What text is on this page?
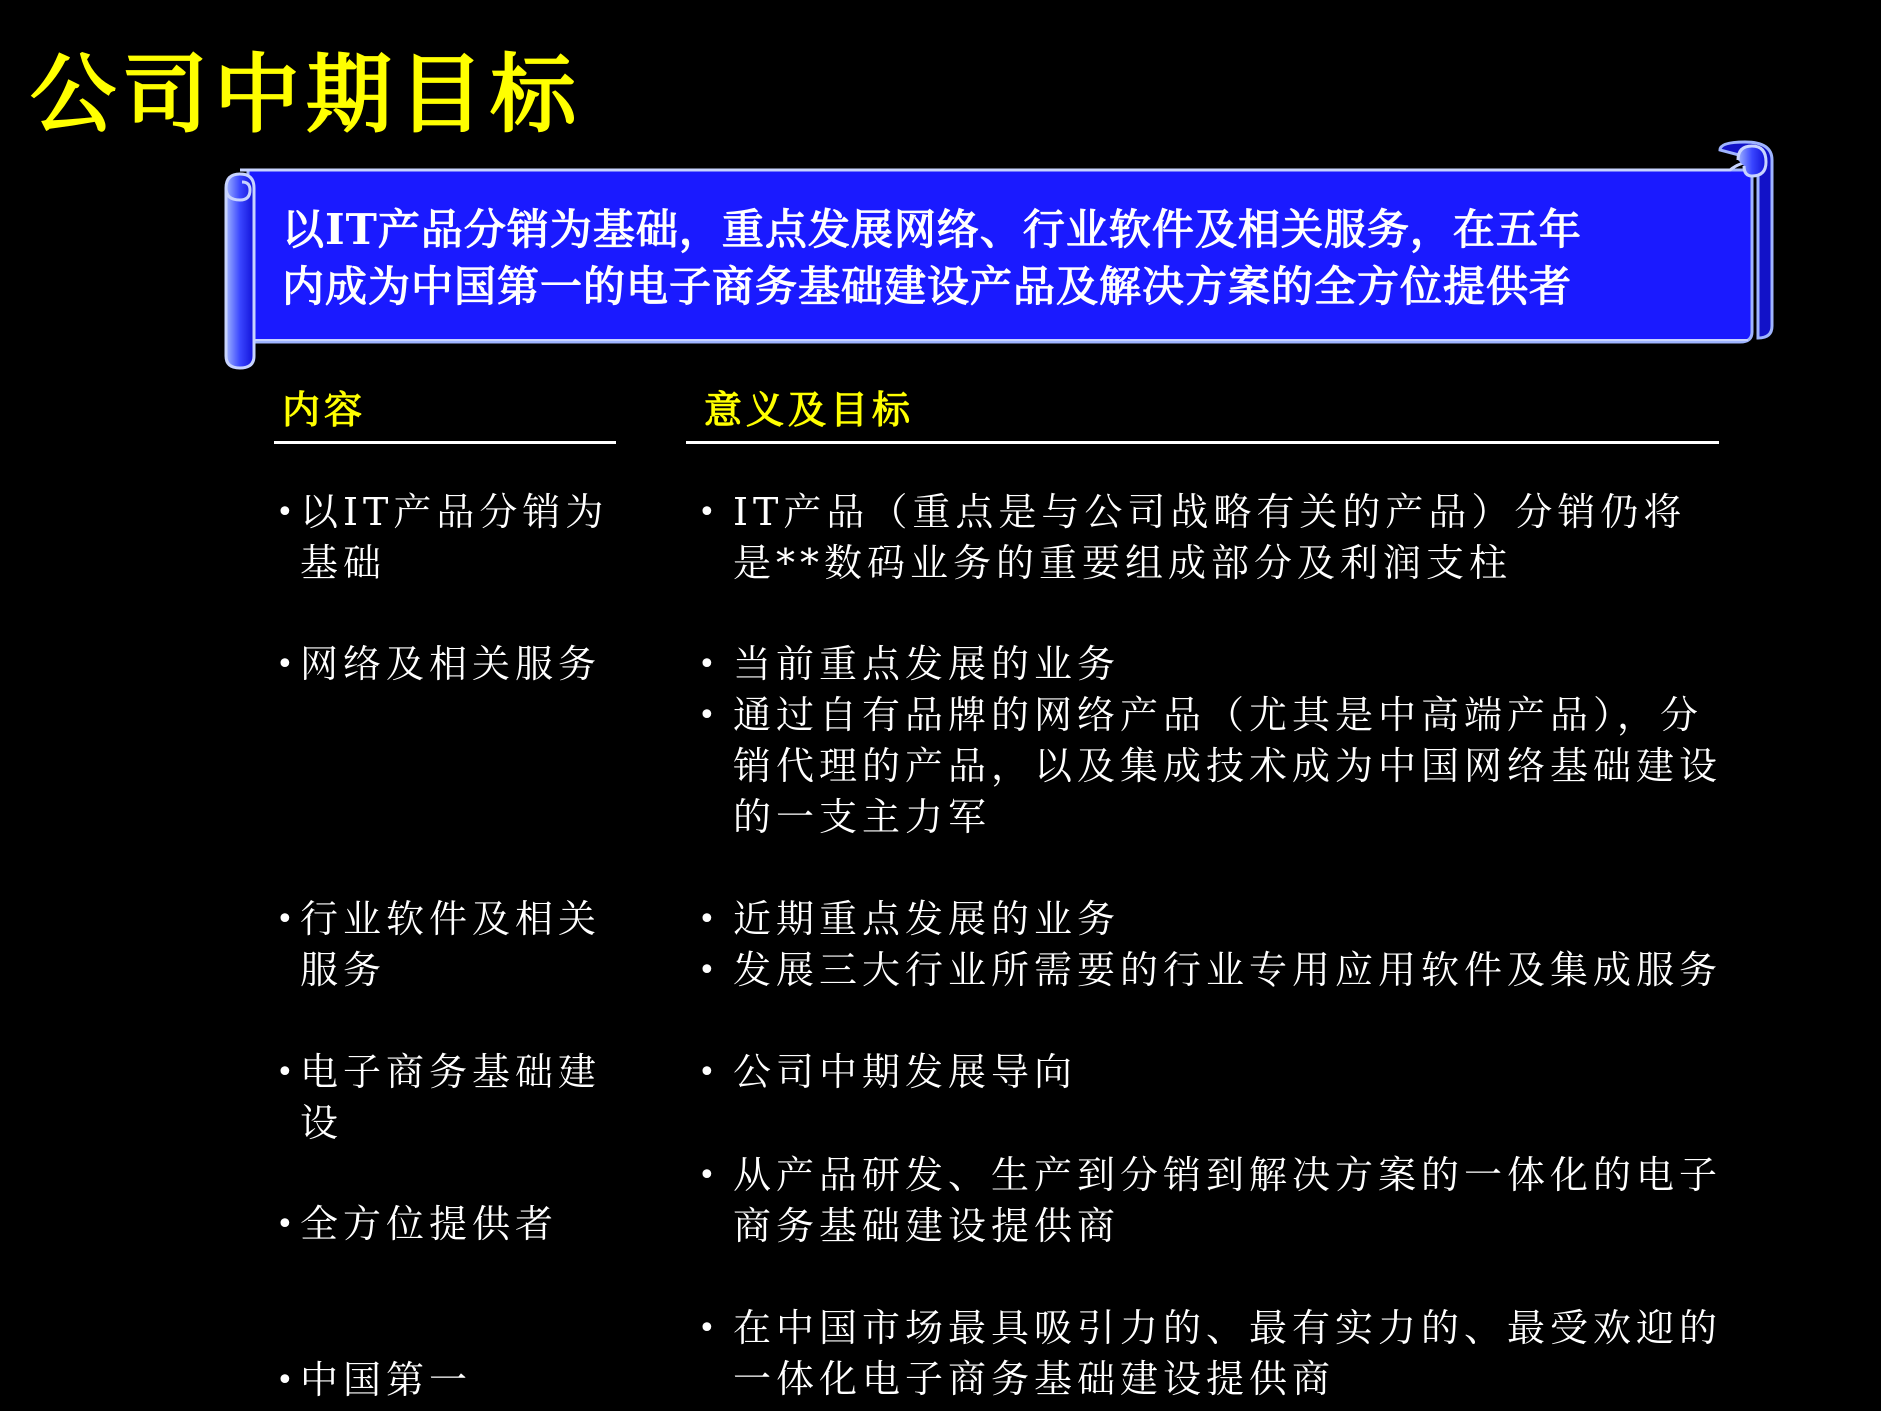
公司中期目标
以IT产品分销为基础，重点发展网络、行业软件及相关服务，在五年
内成为中国第一的电子商务基础建设产品及解决方案的全方位提供者
内容	意义及目标
• 以IT产品分销为基础
• 网络及相关服务
• 行业软件及相关服务
• 电子商务基础建设
• 全方位提供者
• 中国第一
• IT产品（重点是与公司战略有关的产品）分销仍将是**数码业务的重要组成部分及利润支柱
• 当前重点发展的业务
• 通过自有品牌的网络产品（尤其是中高端产品），分销代理的产品，以及集成技术成为中国网络基础建设的一支主力军
• 近期重点发展的业务
• 发展三大行业所需要的行业专用应用软件及集成服务
• 公司中期发展导向
• 从产品研发、生产到分销到解决方案的一体化的电子商务基础建设提供商
• 在中国市场最具吸引力的、最有实力的、最受欢迎的一体化电子商务基础建设提供商
